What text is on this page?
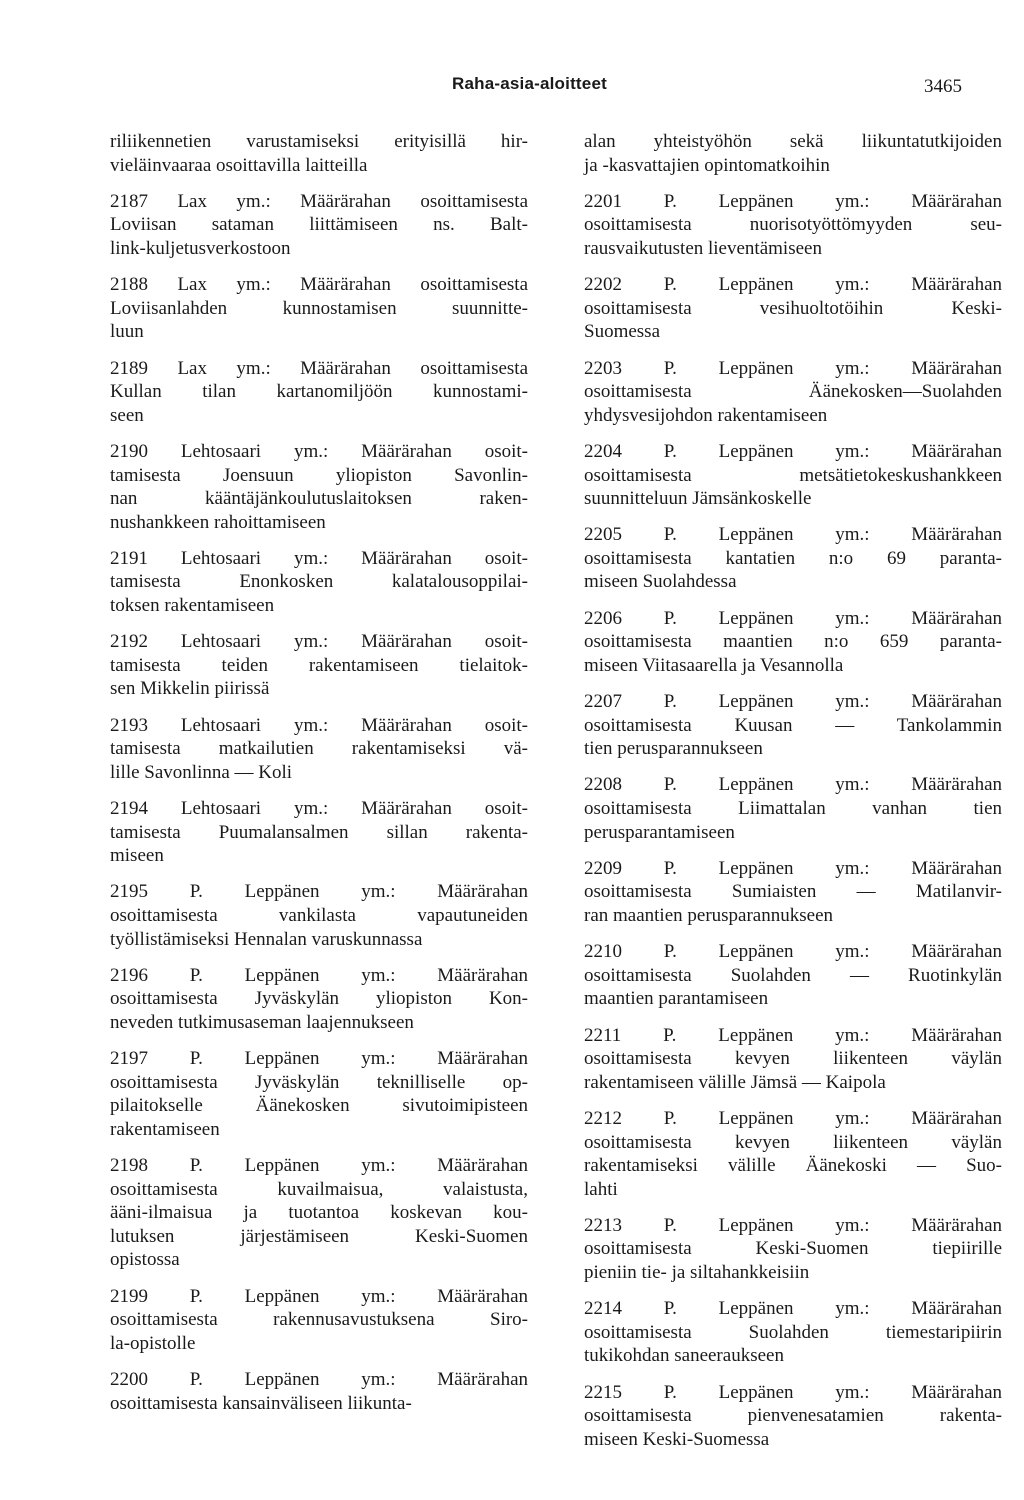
Raha-asia-aloitteet	3465
riliikennetien varustamiseksi erityisillä hir-
vieläinvaaraa osoittavilla laitteilla
2187 Lax ym.: Määrärahan osoittamisesta
Loviisan sataman liittämiseen ns. Balt-
link-kuljetusverkostoon
2188 Lax ym.: Määrärahan osoittamisesta
Loviisanlahden kunnostamisen suunnitte-
luun
2189 Lax ym.: Määrärahan osoittamisesta
Kullan tilan kartanomiljöön kunnostami-
seen
2190 Lehtosaari ym.: Määrärahan osoit-
tamisesta Joensuun yliopiston Savonlin-
nan kääntäjänkoulutuslaitoksen raken-
nushankkeen rahoittamiseen
2191 Lehtosaari ym.: Määrärahan osoit-
tamisesta Enonkosken kalatalousoppilai-
toksen rakentamiseen
2192 Lehtosaari ym.: Määrärahan osoit-
tamisesta teiden rakentamiseen tielaitok-
sen Mikkelin piirissä
2193 Lehtosaari ym.: Määrärahan osoit-
tamisesta matkailutien rakentamiseksi vä-
lille Savonlinna — Koli
2194 Lehtosaari ym.: Määrärahan osoit-
tamisesta Puumalansalmen sillan rakenta-
miseen
2195 P. Leppänen ym.: Määrärahan
osoittamisesta vankilasta vapautuneiden
työllistämiseksi Hennalan varuskunnassa
2196 P. Leppänen ym.: Määrärahan
osoittamisesta Jyväskylän yliopiston Kon-
neveden tutkimusaseman laajennukseen
2197 P. Leppänen ym.: Määrärahan
osoittamisesta Jyväskylän teknilliselle op-
pilaitokselle Äänekosken sivutoimipisteen
rakentamiseen
2198 P. Leppänen ym.: Määrärahan
osoittamisesta kuvailmaisua, valaistusta,
ääni-ilmaisua ja tuotantoa koskevan kou-
lutuksen järjestämiseen Keski-Suomen
opistossa
2199 P. Leppänen ym.: Määrärahan
osoittamisesta rakennusavustuksena Siro-
la-opistolle
2200 P. Leppänen ym.: Määrärahan
osoittamisesta kansainväliseen liikunta-
alan yhteistyöhön sekä liikuntatutkijoiden
ja -kasvattajien opintomatkoihin
2201 P. Leppänen ym.: Määrärahan
osoittamisesta nuorisotyöttömyyden seu-
rausvaikutusten lieventämiseen
2202 P. Leppänen ym.: Määrärahan
osoittamisesta vesihuoltotöihin Keski-
Suomessa
2203 P. Leppänen ym.: Määrärahan
osoittamisesta Äänekosken—Suolahden
yhdysvesijohdon rakentamiseen
2204 P. Leppänen ym.: Määrärahan
osoittamisesta metsätietokeskushankkeen
suunnitteluun Jämsänkoskelle
2205 P. Leppänen ym.: Määrärahan
osoittamisesta kantatien n:o 69 paranta-
miseen Suolahdessa
2206 P. Leppänen ym.: Määrärahan
osoittamisesta maantien n:o 659 paranta-
miseen Viitasaarella ja Vesannolla
2207 P. Leppänen ym.: Määrärahan
osoittamisesta Kuusan — Tankolammin
tien perusparannukseen
2208 P. Leppänen ym.: Määrärahan
osoittamisesta Liimattalan vanhan tien
perusparantamiseen
2209 P. Leppänen ym.: Määrärahan
osoittamisesta Sumiaisten — Matilanvir-
ran maantien perusparannukseen
2210 P. Leppänen ym.: Määrärahan
osoittamisesta Suolahden — Ruotinkylän
maantien parantamiseen
2211 P. Leppänen ym.: Määrärahan
osoittamisesta kevyen liikenteen väylän
rakentamiseen välille Jämsä — Kaipola
2212 P. Leppänen ym.: Määrärahan
osoittamisesta kevyen liikenteen väylän
rakentamiseksi välille Äänekoski — Suo-
lahti
2213 P. Leppänen ym.: Määrärahan
osoittamisesta Keski-Suomen tiepiirille
pieniin tie- ja siltahankkeisiin
2214 P. Leppänen ym.: Määrärahan
osoittamisesta Suolahden tiemestaripiirin
tukikohdan saneeraukseen
2215 P. Leppänen ym.: Määrärahan
osoittamisesta pienvenesatamien rakenta-
miseen Keski-Suomessa
